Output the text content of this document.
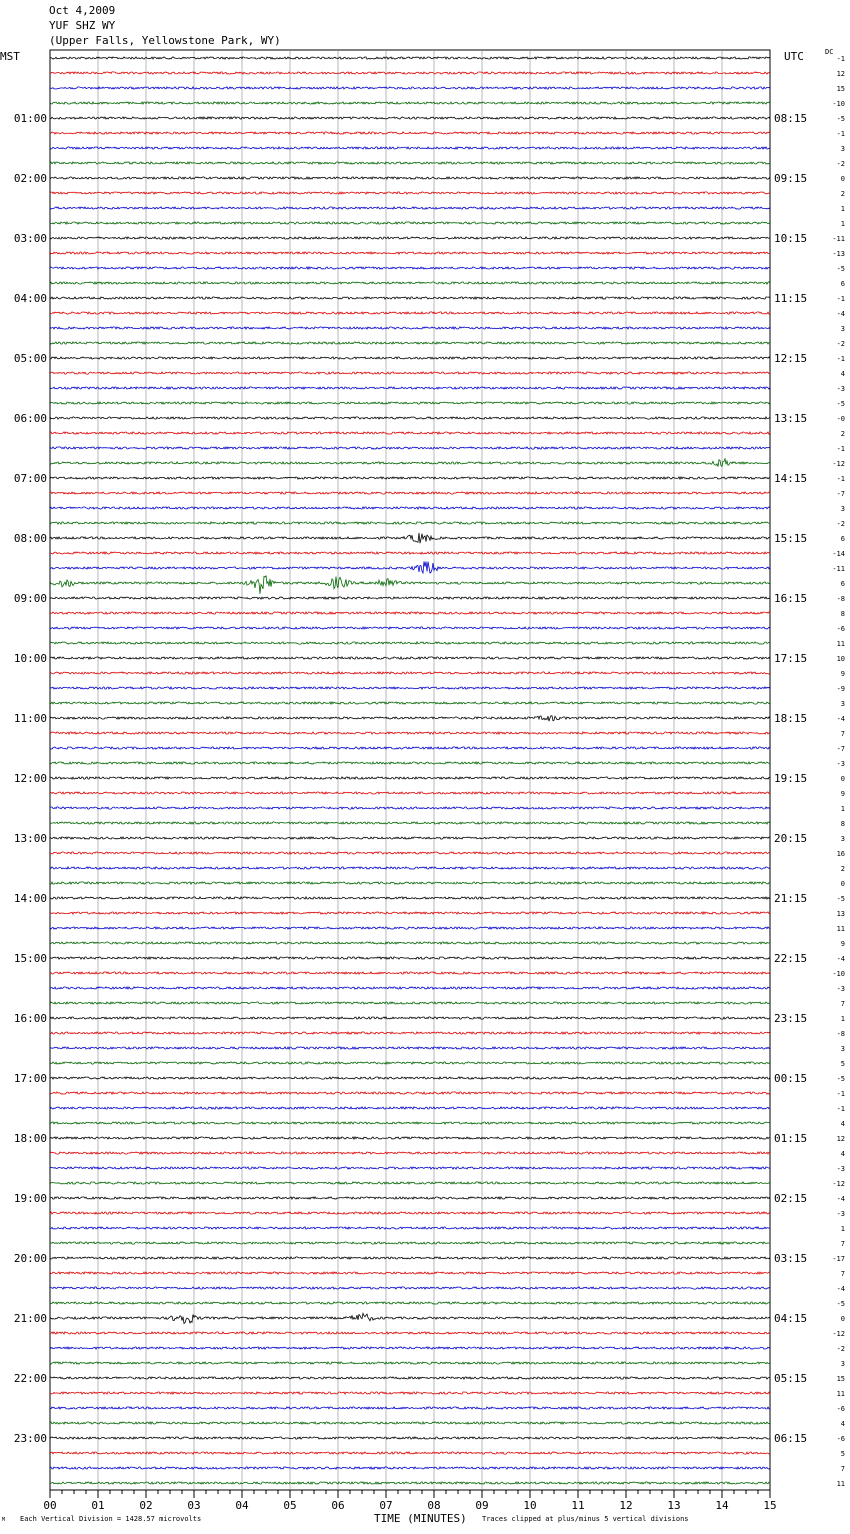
Oct 4,2009
YUF SHZ WY
(Upper Falls, Yellowstone Park, WY)
MST	UTC	DC
-1
12
15
-10
-5
-1
3
-2
0
2
1
1
-11
-13
-5
6
-1
-4
3
-2
-1
4
-3
-5
-0
2
-1
-12
-1
-7
3
-2
6
-14
-11
6
-8
8
-6
11
10
9
-9
3
-4
7
-7
-3
0
9
1
8
3
16
2
0
-5
13
11
9
-4
-10
-3
7
1
-8
3
5
-5
-1
-1
4
12
4
-3
-12
-4
-3
1
7
-17
7
-4
-5
0
-12
-2
3
15
11
-6
4
-6
5
7
11
01:00
02:00
03:00
04:00
05:00
06:00
07:00
08:00
09:00
10:00
11:00
12:00
13:00
14:00
15:00
16:00
17:00
18:00
19:00
20:00
21:00
22:00
23:00
08:15
09:15
10:15
11:15
12:15
13:15
14:15
15:15
16:15
17:15
18:15
19:15
20:15
21:15
22:15
23:15
00:15
01:15
02:15
03:15
04:15
05:15
06:15
00	01	02	03	04	05	06	07	08	09	10	11	12	13	14	15
M Each Vertical Division = 1428.57 microvolts	TIME (MINUTES) Traces clipped at plus/minus 5 vertical divisions
